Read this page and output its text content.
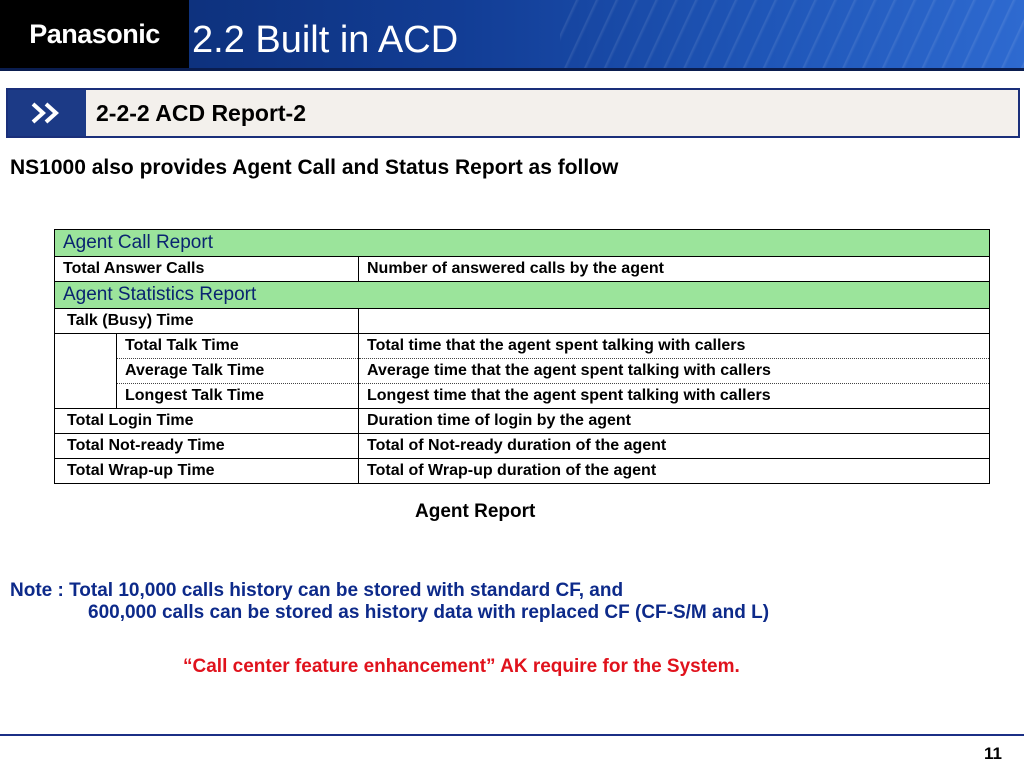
Panasonic 2.2 Built in ACD
2-2-2 ACD Report-2
NS1000 also provides Agent Call and Status Report as follow
Agent Call Report		
Total Answer Calls		Number of answered calls by the agent
Agent Statistics Report		
Talk (Busy) Time		
	Total Talk Time	Total time that the agent spent talking with callers
	Average Talk Time	Average time that the agent spent talking with callers
	Longest Talk Time	Longest time that the agent spent talking with callers
Total Login Time		Duration time of login by the agent
Total Not-ready Time		Total of Not-ready duration of the agent
Total Wrap-up Time		Total of Wrap-up duration of the agent
Agent Report
Note : Total 10,000 calls history can be stored with standard CF, and
600,000 calls can be stored as history data with replaced CF (CF-S/M and L)
“Call center feature enhancement” AK require for the System.
11
